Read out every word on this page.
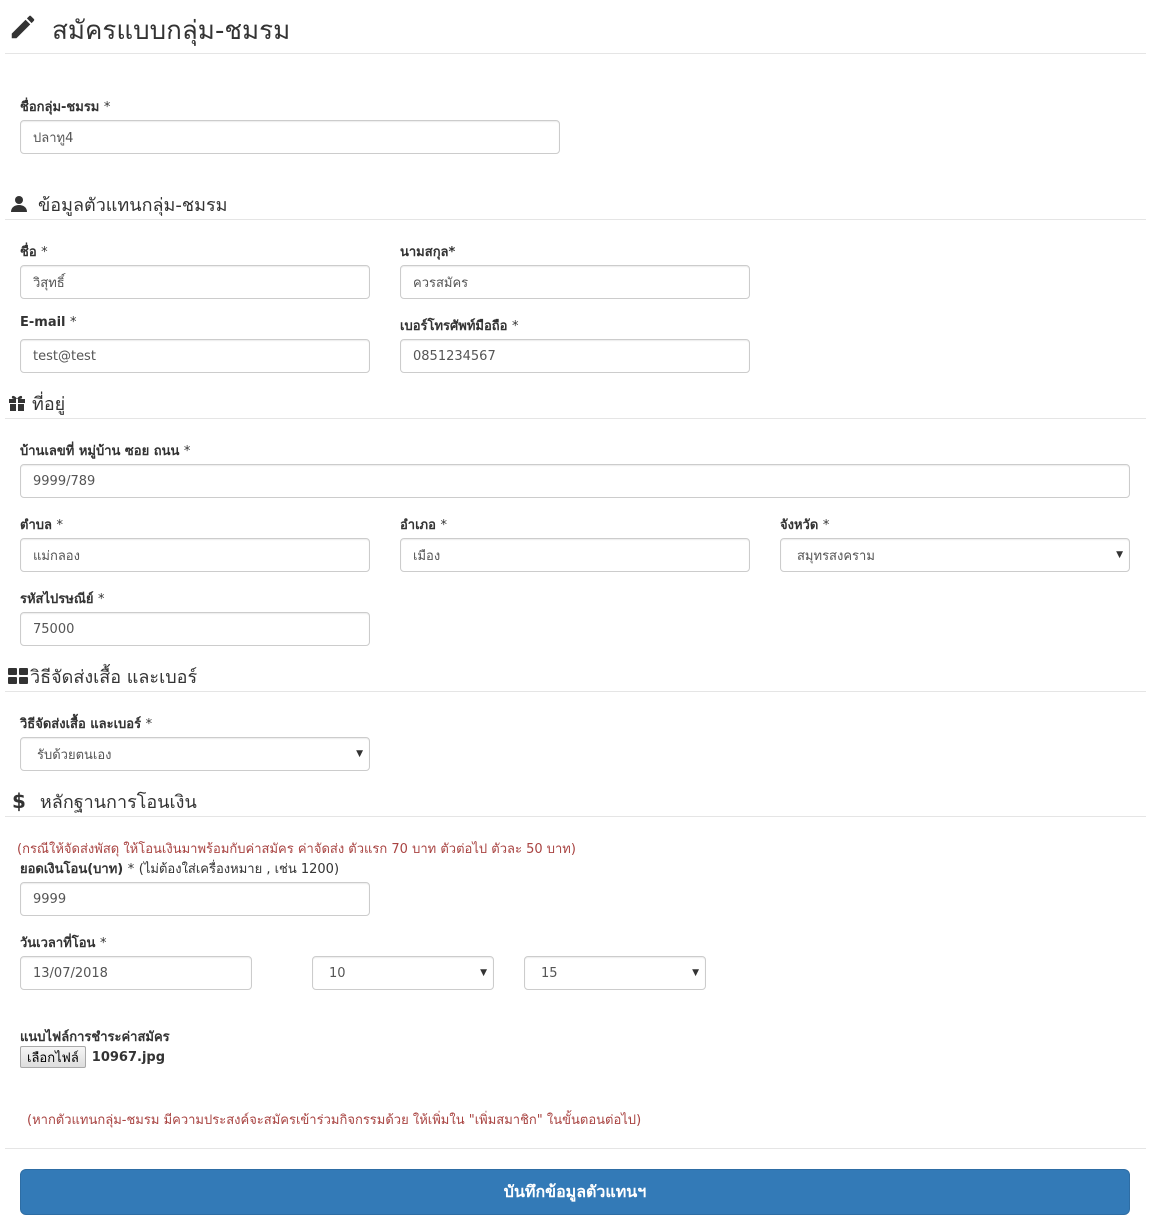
สมัครแบบกลุ่ม-ชมรม
ชื่อกลุ่ม-ชมรม *
ปลาทู4
ข้อมูลตัวแทนกลุ่ม-ชมรม
ชื่อ *
วิสุทธิ์
นามสกุล*
ควรสมัคร
E-mail *
test@test
เบอร์โทรศัพท์มือถือ *
0851234567
ที่อยู่
บ้านเลขที่ หมู่บ้าน ซอย ถนน *
9999/789
ตำบล *
แม่กลอง
อำเภอ *
เมือง
จังหวัด *
สมุทรสงคราม	▼
รหัสไปรษณีย์ *
75000
วิธีจัดส่งเสื้อ และเบอร์
วิธีจัดส่งเสื้อ และเบอร์ *
รับด้วยตนเอง	▼
$ หลักฐานการโอนเงิน
(กรณีให้จัดส่งพัสดุ ให้โอนเงินมาพร้อมกับค่าสมัคร ค่าจัดส่ง ตัวแรก 70 บาท ตัวต่อไป ตัวละ 50 บาท)
ยอดเงินโอน(บาท) * (ไม่ต้องใส่เครื่องหมาย , เช่น 1200)
9999
วันเวลาที่โอน *
13/07/2018	10	▼	15	▼
แนบไฟล์การชำระค่าสมัคร
เลือกไฟล์	10967.jpg
(หากตัวแทนกลุ่ม-ชมรม มีความประสงค์จะสมัครเข้าร่วมกิจกรรมด้วย ให้เพิ่มใน "เพิ่มสมาชิก" ในขั้นตอนต่อไป)
บันทึกข้อมูลตัวแทนฯ
